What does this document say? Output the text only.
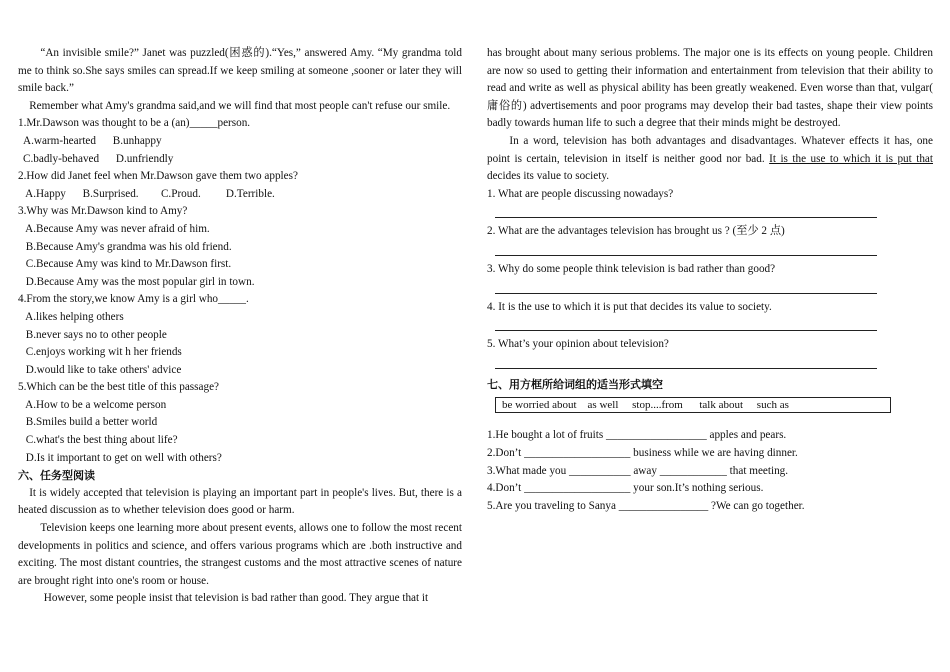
“An invisible smile?” Janet was puzzled(困惑的).“Yes,” answered Amy. “My grandma told me to think so.She says smiles can spread.If we keep smiling at someone ,sooner or later they will smile back.”

Remember what Amy's grandma said,and we will find that most people can't refuse our smile.

1.Mr.Dawson was thought to be a (an)_____person.

A.warm-hearted      B.unhappy

C.badly-behaved      D.unfriendly

2.How did Janet feel when Mr.Dawson gave them two apples?

A.Happy      B.Surprised.        C.Proud.         D.Terrible.

3.Why was Mr.Dawson kind to Amy?

A.Because Amy was never afraid of him.

B.Because Amy's grandma was his old friend.

C.Because Amy was kind to Mr.Dawson first.

D.Because Amy was the most popular girl in town.

4.From the story,we know Amy is a girl who_____.

A.likes helping others

B.never says no to other people

C.enjoys working wit h her friends

D.would like to take others' advice

5.Which can be the best title of this passage?

A.How to be a welcome person

B.Smiles build a better world

C.what's the best thing about life?

D.Is it important to get on well with others?

六、任务型阅读

It is widely accepted that television is playing an important part in people's lives. But, there is a heated discussion as to whether television does good or harm.

Television keeps one learning more about present events, allows one to follow the most recent developments in politics and science, and offers various programs which are .both instructive and exciting. The most distant countries, the strangest customs and the most attractive scenes of nature are brought right into one's room or house.

However, some people insist that television is bad rather than good. They argue that it

has brought about many serious problems. The major one is its effects on young people. Children are now so used to getting their information and entertainment from television that their ability to read and write as well as physical ability has been greatly weakened. Even worse than that, vulgar( 庸俗的) advertisements and poor programs may develop their bad tastes, shape their view points badly towards human life to such a degree that their minds might be destroyed.

In a word, television has both advantages and disadvantages. Whatever effects it has, one point is certain, television in itself is neither good nor bad. It is the use to which it is put that decides its value to society.

1. What are people discussing nowadays?

2. What are the advantages television has brought us ? (至少 2 点)

3. Why do some people think television is bad rather than good?

4. It is the use to which it is put that decides its value to society.

5. What’s your opinion about television?

七、用方框所给词组的适当形式填空

be worried about    as well     stop....from      talk about     such as

1.He bought a lot of fruits __________________ apples and pears.

2.Don’t ___________________ business while we are having dinner.

3.What made you ___________ away ____________ that meeting.

4.Don’t ___________________ your son.It’s nothing serious.

5.Are you traveling to Sanya ________________ ?We can go together.
